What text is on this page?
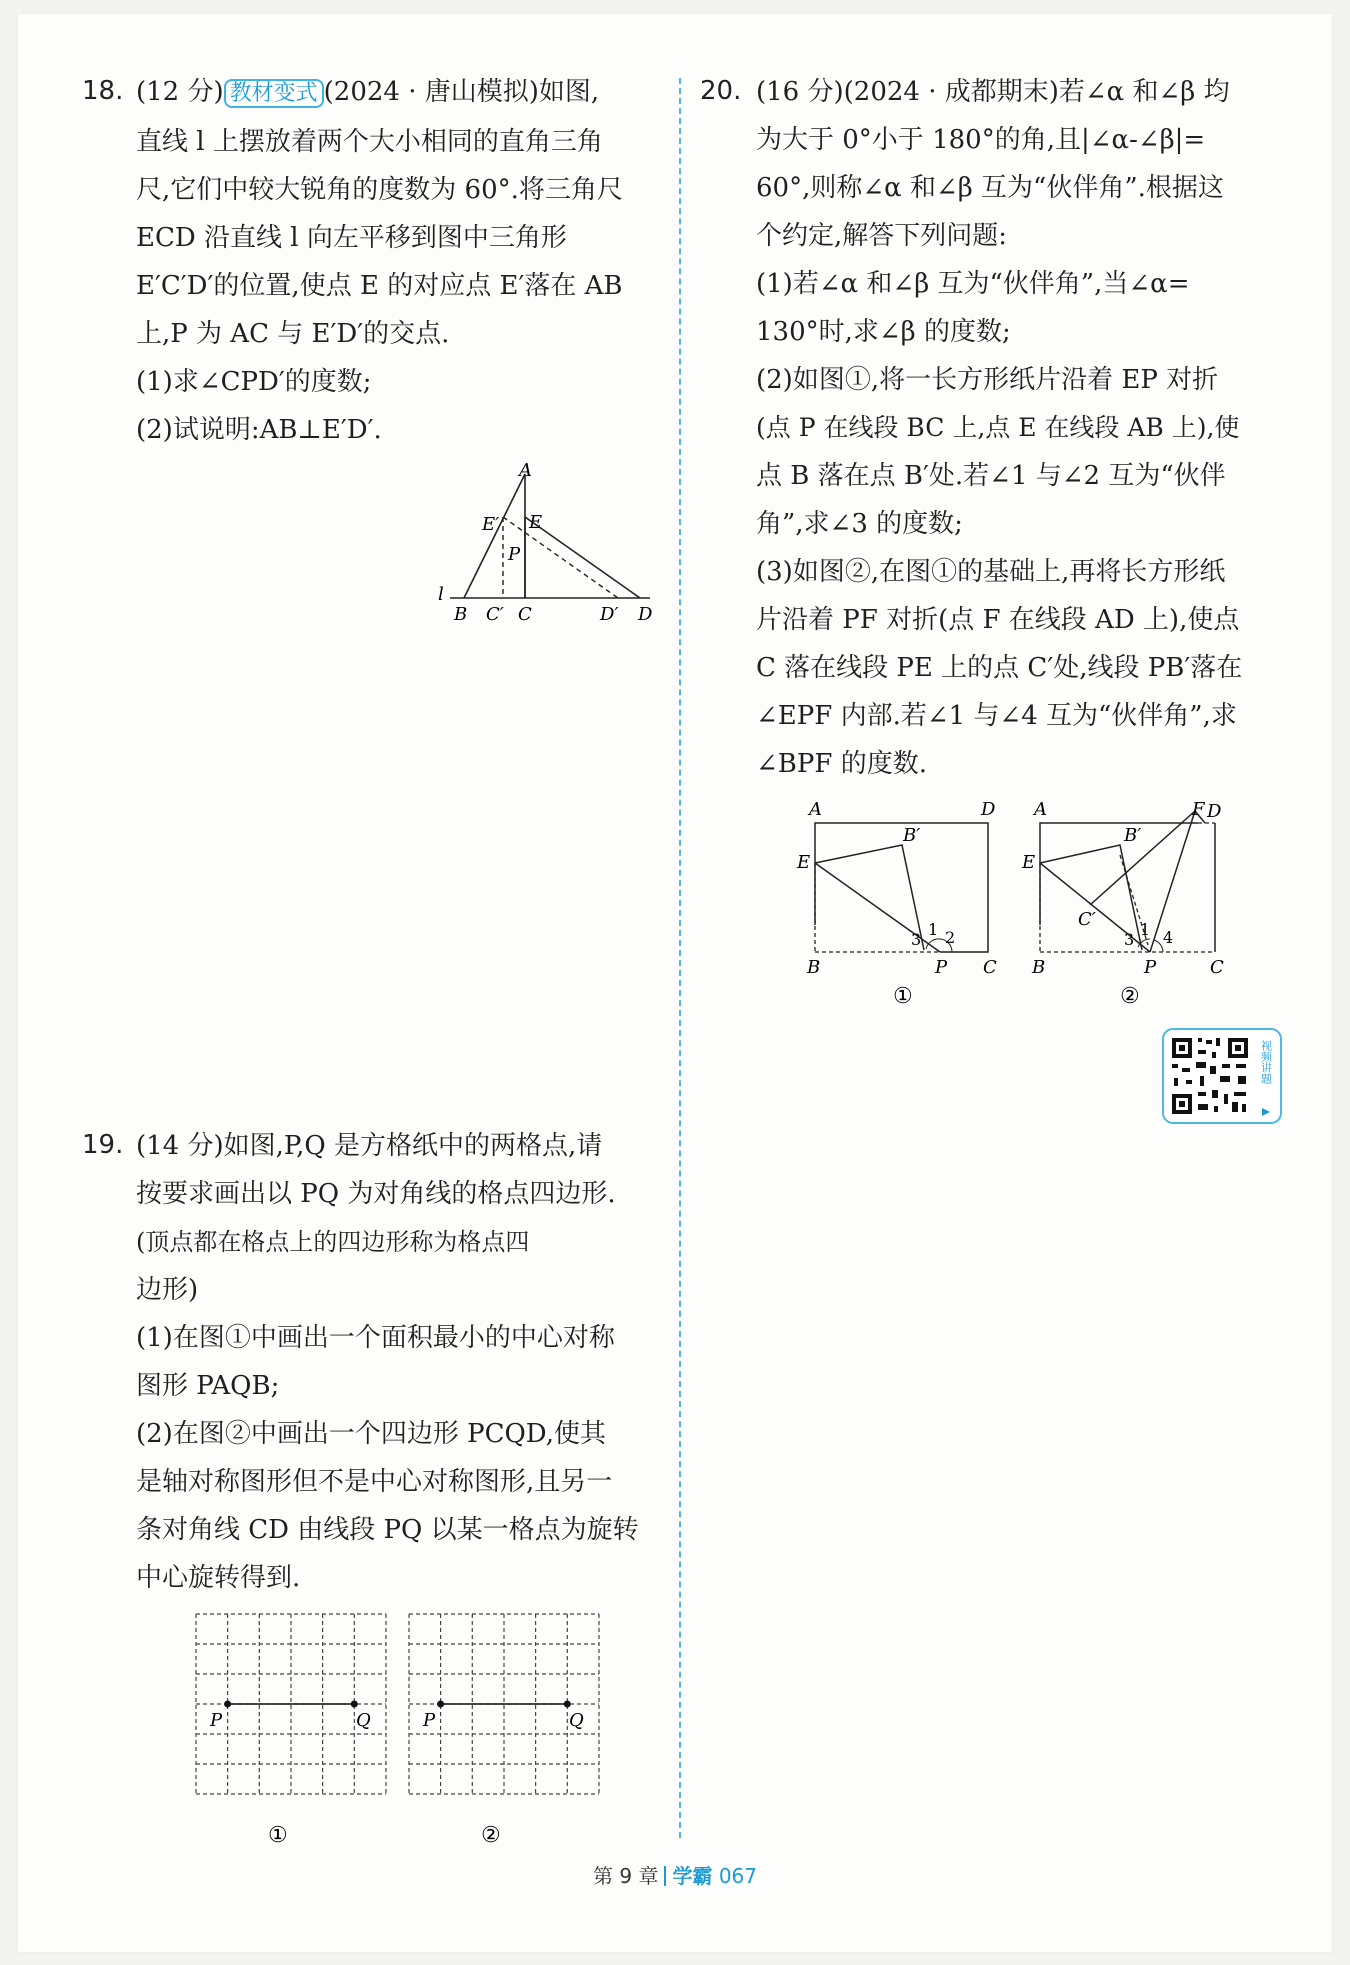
18. (12 分) 教材变式 (2024 · 唐山模拟)如图,

直线 l 上摆放着两个大小相同的直角三角

尺,它们中较大锐角的度数为 60°.将三角尺

ECD 沿直线 l 向左平移到图中三角形

E′C′D′的位置,使点 E 的对应点 E′落在 AB

上,P 为 AC 与 E′D′的交点.

(1)求∠CPD′的度数;

(2)试说明:AB⊥E′D′.

A
E′ E
P
l
B C′ C	D′ D
19. (14 分)如图,P,Q 是方格纸中的两格点,请

按要求画出以 PQ 为对角线的格点四边形.

(顶点都在格点上的四边形称为格点四

边形)

(1)在图①中画出一个面积最小的中心对称

图形 PAQB;

(2)在图②中画出一个四边形 PCQD,使其

是轴对称图形但不是中心对称图形,且另一

条对角线 CD 由线段 PQ 以某一格点为旋转

中心旋转得到.

P	Q
①
P	Q
②
20. (16 分)(2024 · 成都期末)若∠α 和∠β 均

为大于 0°小于 180°的角,且|∠α-∠β|=

60°,则称∠α 和∠β 互为“伙伴角”.根据这

个约定,解答下列问题:

(1)若∠α 和∠β 互为“伙伴角”,当∠α=

130°时,求∠β 的度数;

(2)如图①,将一长方形纸片沿着 EP 对折

(点 P 在线段 BC 上,点 E 在线段 AB 上),使

点 B 落在点 B′处.若∠1 与∠2 互为“伙伴

角”,求∠3 的度数;

(3)如图②,在图①的基础上,再将长方形纸

片沿着 PF 对折(点 F 在线段 AD 上),使点

C 落在线段 PE 上的点 C′处,线段 PB′落在

∠EPF 内部.若∠1 与∠4 互为“伙伴角”,求

∠BPF 的度数.

A	D
B′
E
1
3 2
B	P C
①
A	F D
B′
E
C′	1
3 4
B	P	C
②
视频讲题
第 9 章 学霸 067
